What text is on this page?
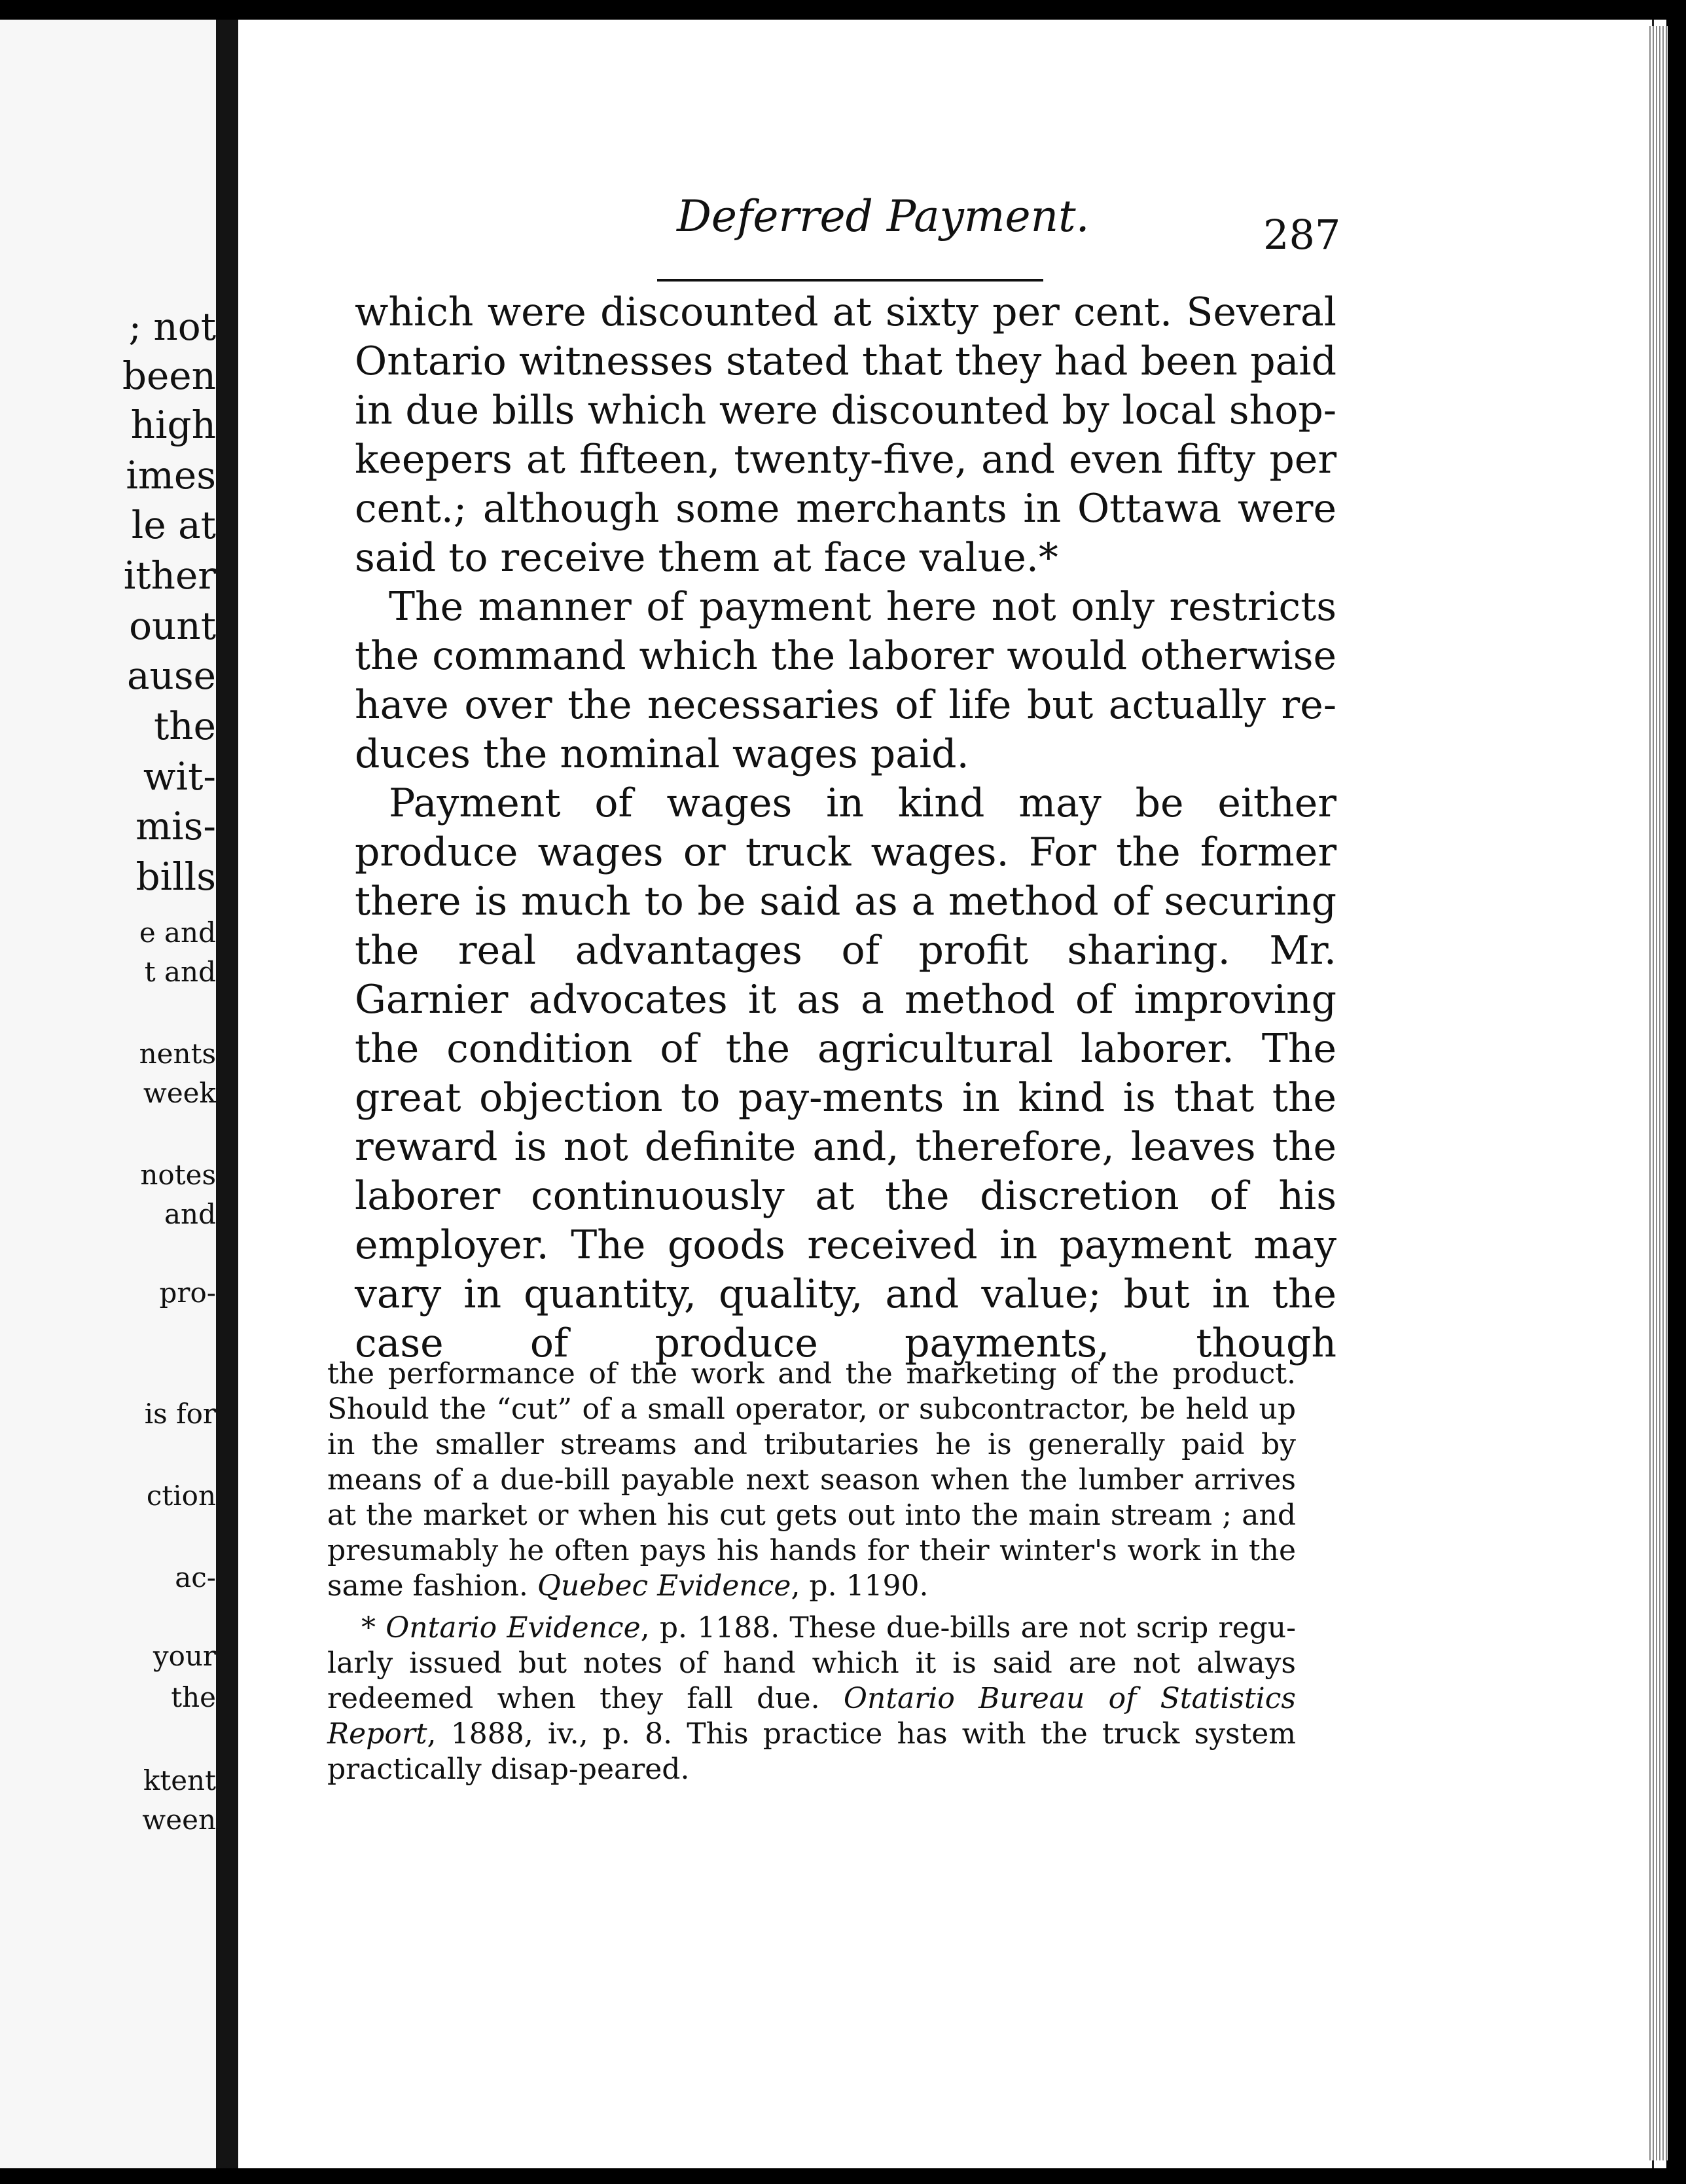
; not
been
high
imes
le at
ither
ount
ause
the
wit-
mis-
bills
e and
t and
nents
week
notes
and
pro-
is for
ction
ac-
your
the
ktent
ween
Deferred Payment.	287

which were discounted at sixty per cent. Several Ontario witnesses stated that they had been paid in due bills which were discounted by local shop-keepers at fifteen, twenty-five, and even fifty per cent.; although some merchants in Ottawa were said to receive them at face value.*

The manner of payment here not only restricts the command which the laborer would otherwise have over the necessaries of life but actually re-duces the nominal wages paid.

Payment of wages in kind may be either produce wages or truck wages. For the former there is much to be said as a method of securing the real advantages of profit sharing. Mr. Garnier advocates it as a method of improving the condition of the agricultural laborer. The great objection to pay-ments in kind is that the reward is not definite and, therefore, leaves the laborer continuously at the discretion of his employer. The goods received in payment may vary in quantity, quality, and value; but in the case of produce payments, though

the performance of the work and the marketing of the product. Should the “cut” of a small operator, or subcontractor, be held up in the smaller streams and tributaries he is generally paid by means of a due-bill payable next season when the lumber arrives at the market or when his cut gets out into the main stream ; and presumably he often pays his hands for their winter's work in the same fashion. Quebec Evidence, p. 1190.

* Ontario Evidence, p. 1188. These due-bills are not scrip regu-larly issued but notes of hand which it is said are not always redeemed when they fall due. Ontario Bureau of Statistics Report, 1888, iv., p. 8. This practice has with the truck system practically disap-peared.
